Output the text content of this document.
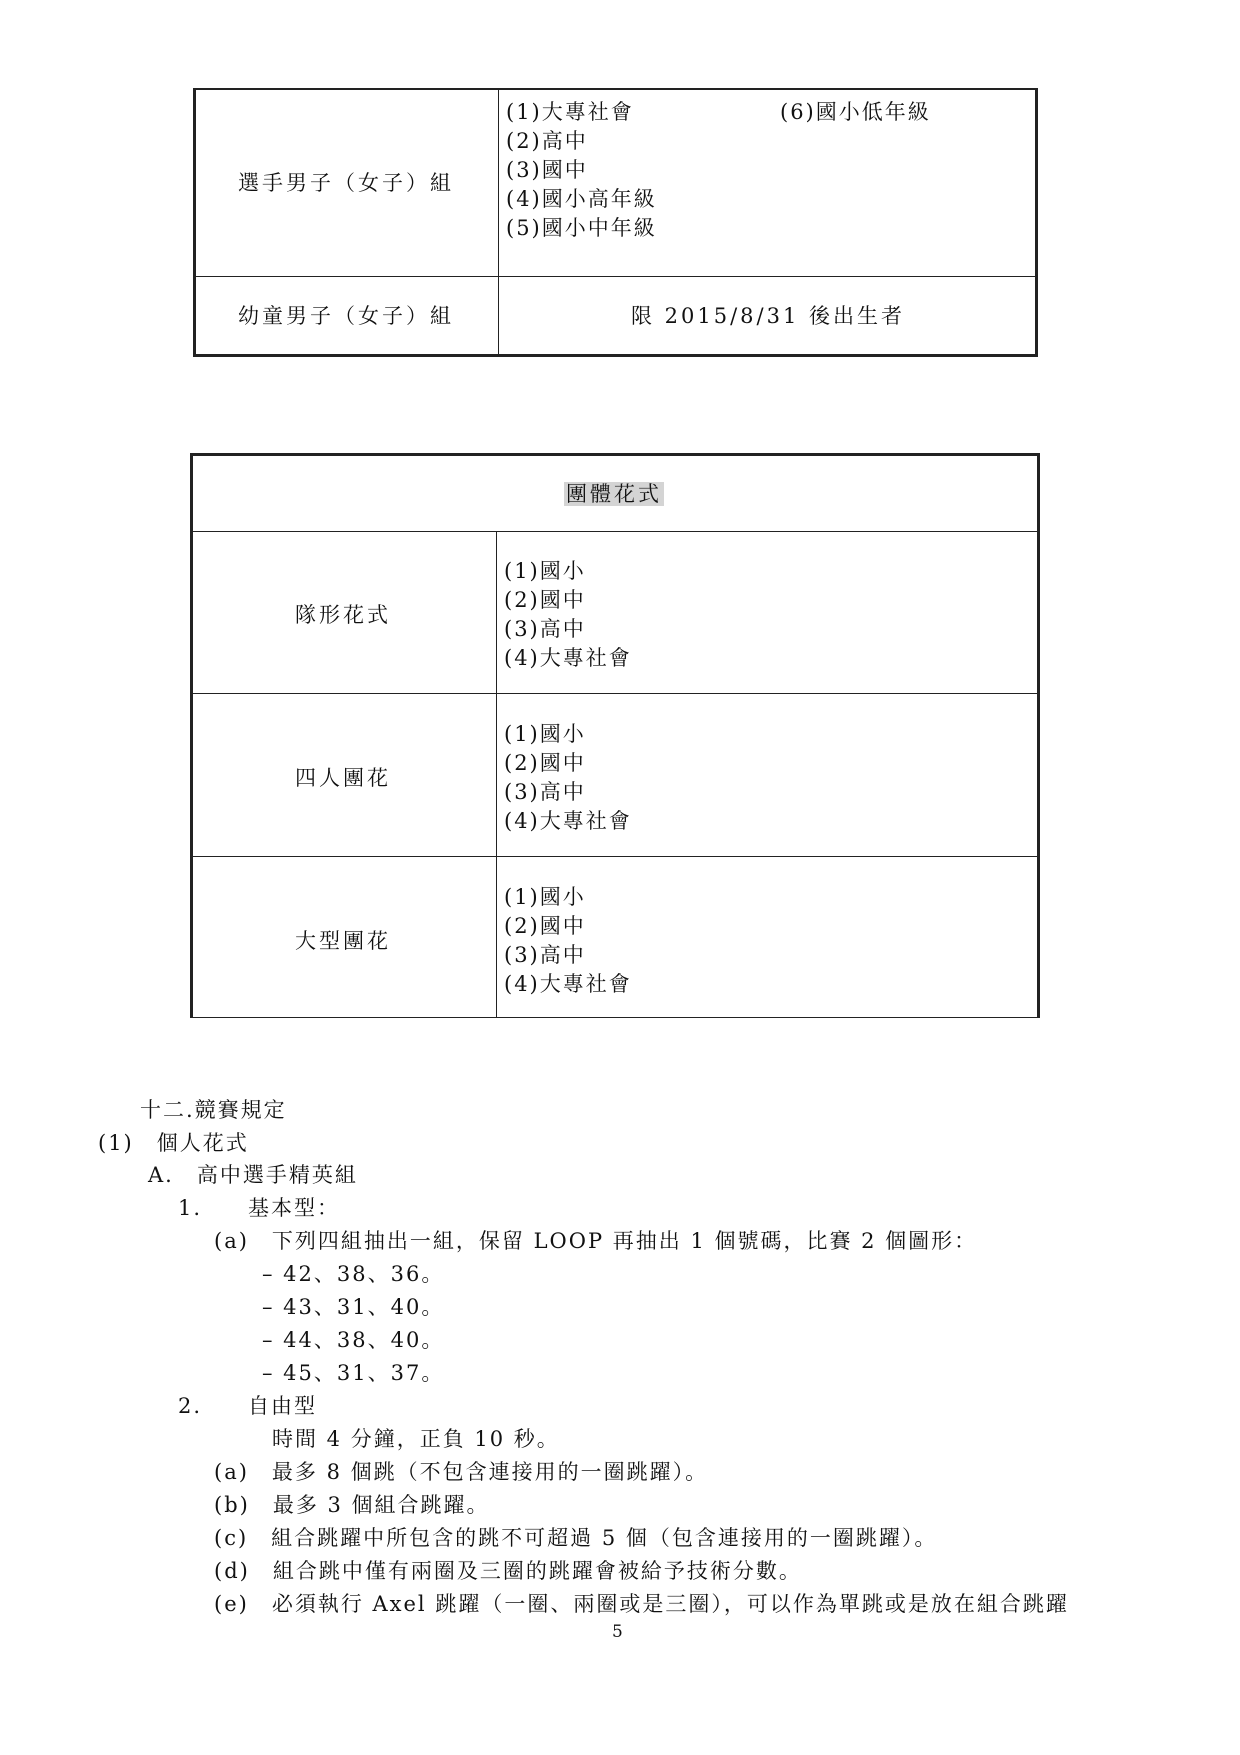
選手男子（女子）組
(1)大專社會
(2)高中
(3)國中
(4)國小高年級
(5)國小中年級
(6)國小低年級
幼童男子（女子）組	限 2015/8/31 後出生者
團體花式
隊形花式
(1)國小
(2)國中
(3)高中
(4)大專社會
四人團花
(1)國小
(2)國中
(3)高中
(4)大專社會
大型團花
(1)國小
(2)國中
(3)高中
(4)大專社會
十二.競賽規定
(1)　個人花式
A.　高中選手精英組
1.　　基本型：
(a)　下列四組抽出一組，保留 LOOP 再抽出 1 個號碼，比賽 2 個圖形：
– 42、38、36。
– 43、31、40。
– 44、38、40。
– 45、31、37。
2.　　自由型
時間 4 分鐘，正負 10 秒。
(a)　最多 8 個跳（不包含連接用的一圈跳躍）。
(b)　最多 3 個組合跳躍。
(c)　組合跳躍中所包含的跳不可超過 5 個（包含連接用的一圈跳躍）。
(d)　組合跳中僅有兩圈及三圈的跳躍會被給予技術分數。
(e)　必須執行 Axel 跳躍（一圈、兩圈或是三圈），可以作為單跳或是放在組合跳躍
5
